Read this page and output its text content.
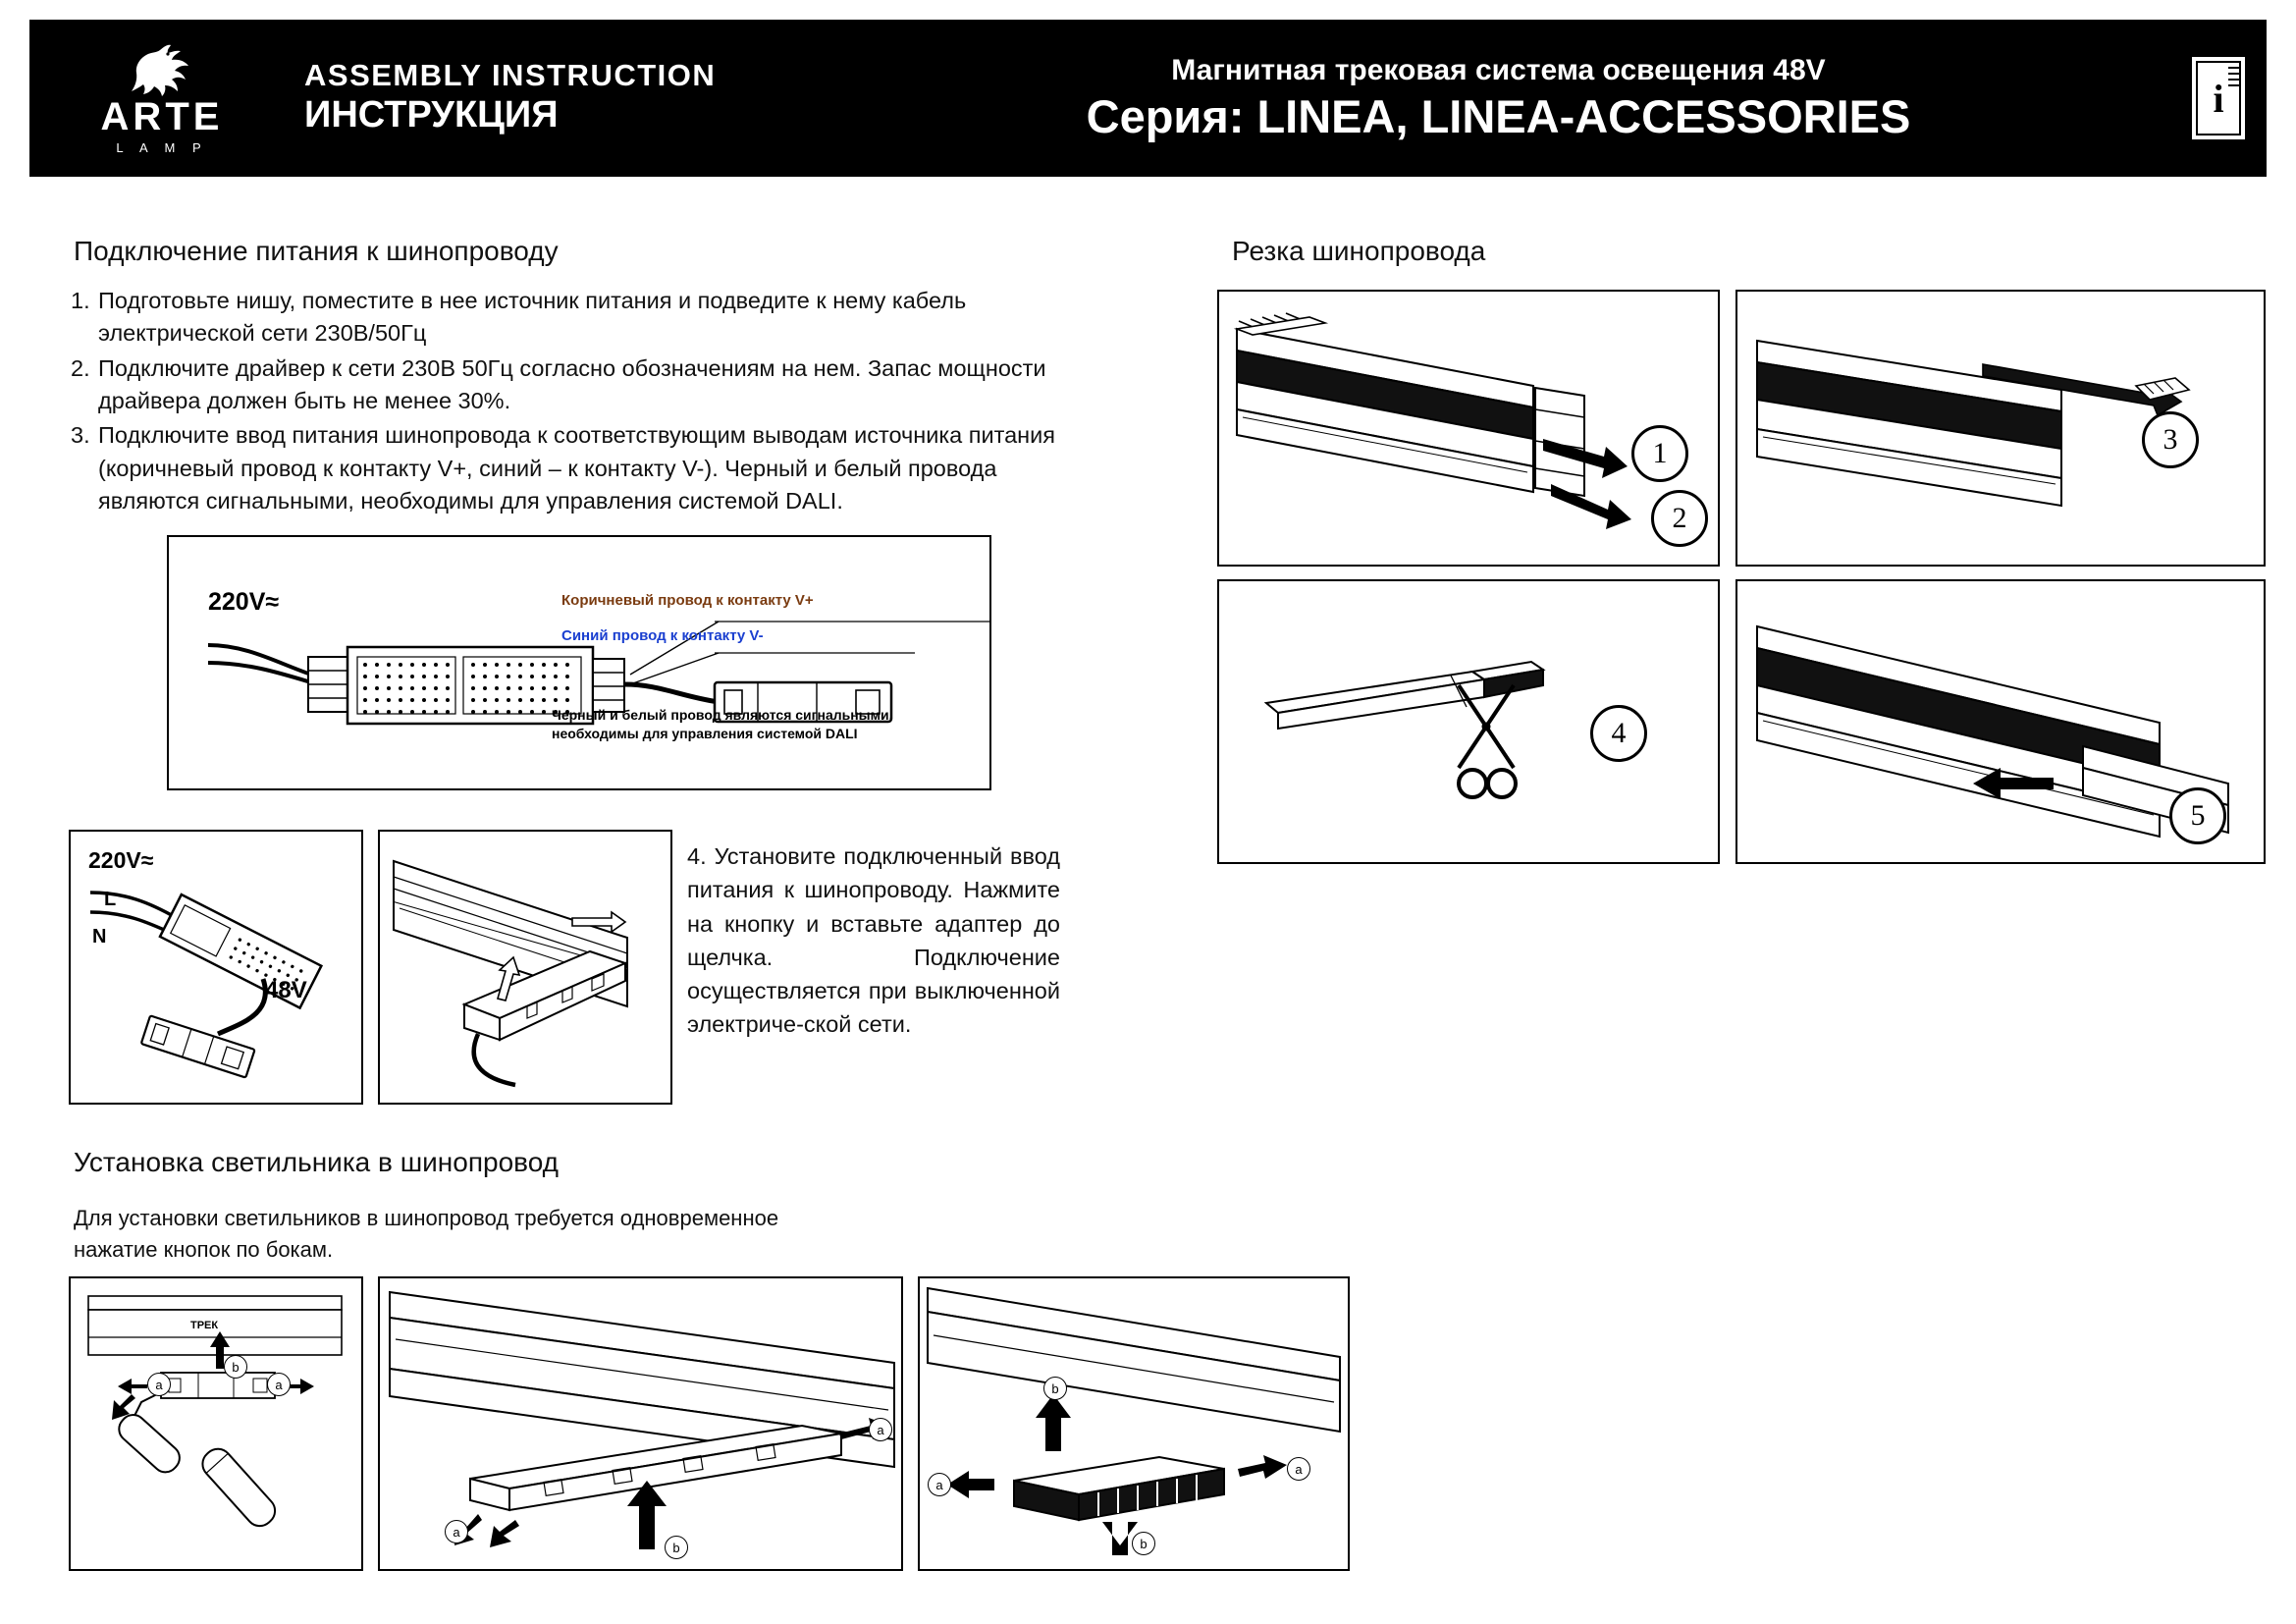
ARTE
L A M P
ASSEMBLY INSTRUCTION
ИНСТРУКЦИЯ
Магнитная трековая система освещения 48V
Серия: LINEA, LINEA-ACCESSORIES	i
Подключение питания к шинопроводу
1. Подготовьте нишу, поместите в нее источник питания и подведите к нему кабель электрической сети 230В/50Гц
2. Подключите драйвер к сети 230В 50Гц согласно обозначениям на нем. Запас мощности драйвера должен быть не менее 30%.
3. Подключите ввод питания шинопровода к соответствующим выводам источника питания (коричневый провод к контакту V+, синий – к контакту V-). Черный и белый провода являются сигнальными, необходимы для управления системой DALI.
220V≈	Коричневый провод к контакту V+
Синий провод к контакту V-
Черный и белый провод являются сигнальными, необходимы для управления системой DALI
220V≈
L
N
48V
4. Установите подключенный ввод питания к шинопроводу. Нажмите на кнопку и вставьте адаптер до щелчка. Подключение осуществляется при выключенной электриче-ской сети.
Резка шинопровода
1
2
3
4
5
Установка светильника в шинопровод
Для установки светильников в шинопровод требуется одновременное нажатие кнопок по бокам.
ТРЕК
b
a	a
a
a
b
b
a
a
b
